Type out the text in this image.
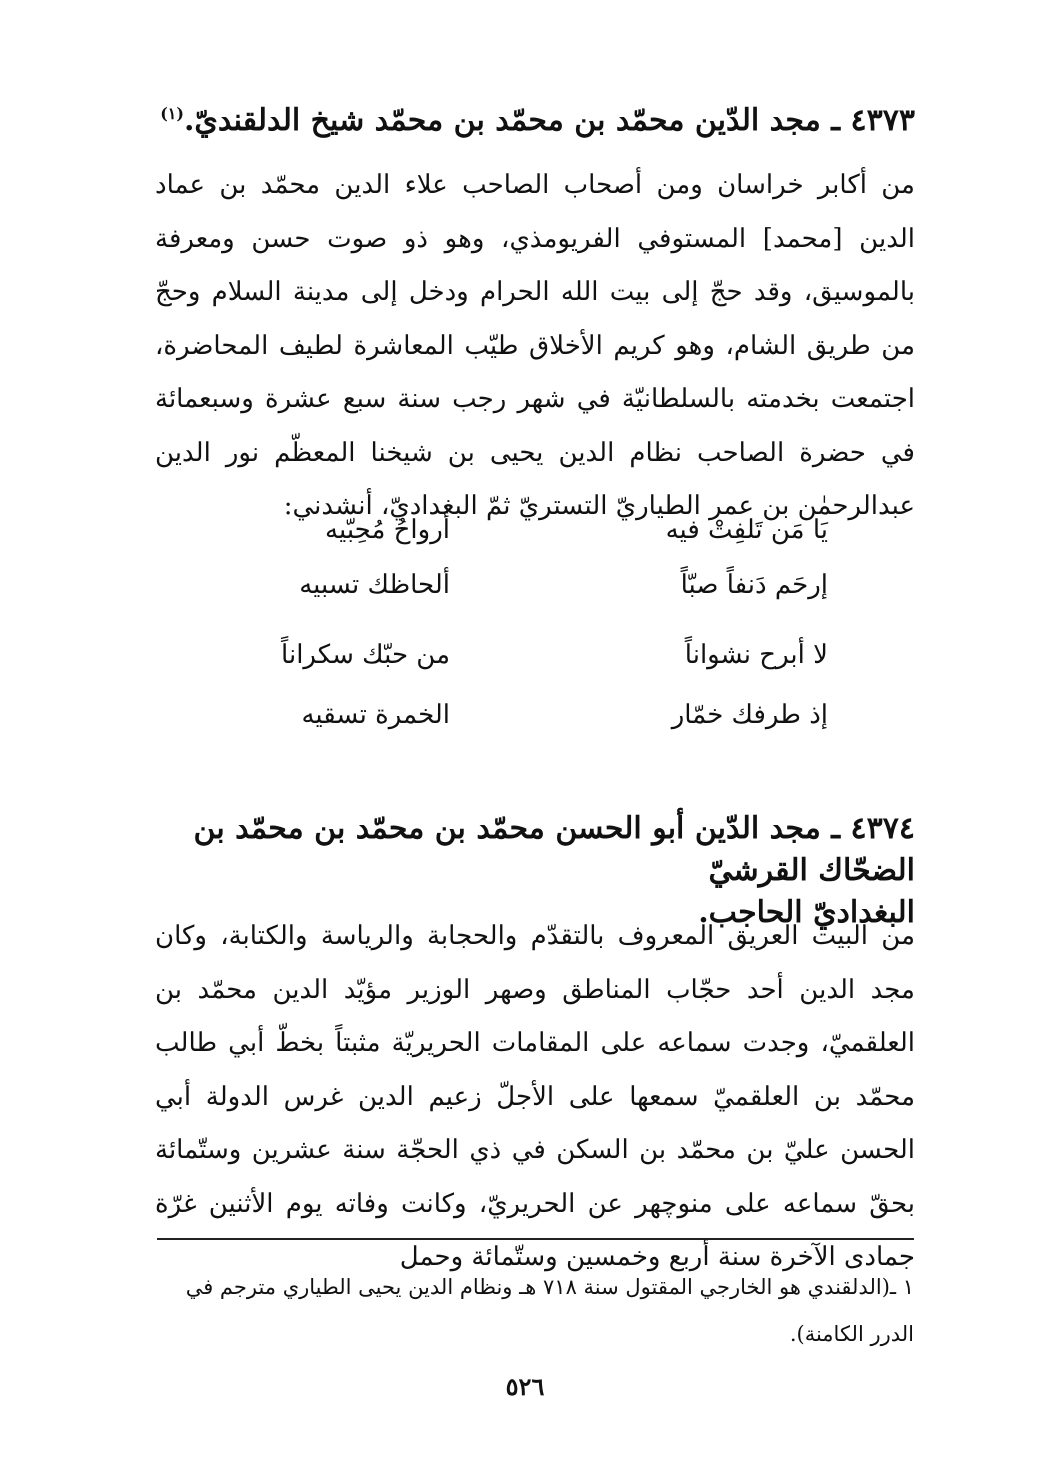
٤٣٧٣ ـ مجد الدّين محمّد بن محمّد بن محمّد شيخ الدلقنديّ.$^{(١)}$

من أكابر خراسان ومن أصحاب الصاحب علاء الدين محمّد بن عماد الدين [محمد] المستوفي الفريومذي، وهو ذو صوت حسن ومعرفة بالموسيق، وقد حجّ إلى بيت الله الحرام ودخل إلى مدينة السلام وحجّ من طريق الشام، وهو كريم الأخلاق طيّب المعاشرة لطيف المحاضرة، اجتمعت بخدمته بالسلطانيّة في شهر رجب سنة سبع عشرة وسبعمائة في حضرة الصاحب نظام الدين يحيى بن شيخنا المعظّم نور الدين عبدالرحمٰن بن عمر الطياريّ التستريّ ثمّ البغداديّ، أنشدني:

يَا مَن تَلفِتْ فيه
أرواحُ مُحِبّيه
إرحَم دَنفاً صبّاً
ألحاظك تسبيه
لا أبرح نشواناً
من حبّك سكراناً
إذ طرفك خمّار
الخمرة تسقيه
٤٣٧٤ ـ مجد الدّين أبو الحسن محمّد بن محمّد بن محمّد بن الضحّاك القرشيّ
البغداديّ الحاجب.

من البيت العريق المعروف بالتقدّم والحجابة والرياسة والكتابة، وكان مجد الدين أحد حجّاب المناطق وصهر الوزير مؤيّد الدين محمّد بن العلقميّ، وجدت سماعه على المقامات الحريريّة مثبتاً بخطّ أبي طالب محمّد بن العلقميّ سمعها على الأجلّ زعيم الدين غرس الدولة أبي الحسن عليّ بن محمّد بن السكن في ذي الحجّة سنة عشرين وستّمائة بحقّ سماعه على منوچهر عن الحريريّ، وكانت وفاته يوم الأثنين غرّة جمادى الآخرة سنة أربع وخمسين وستّمائة وحمل

١ ـ(الدلقندي هو الخارجي المقتول سنة ٧١٨ هـ ونظام الدين يحيى الطياري مترجم في الدرر الكامنة).
٥٢٦
